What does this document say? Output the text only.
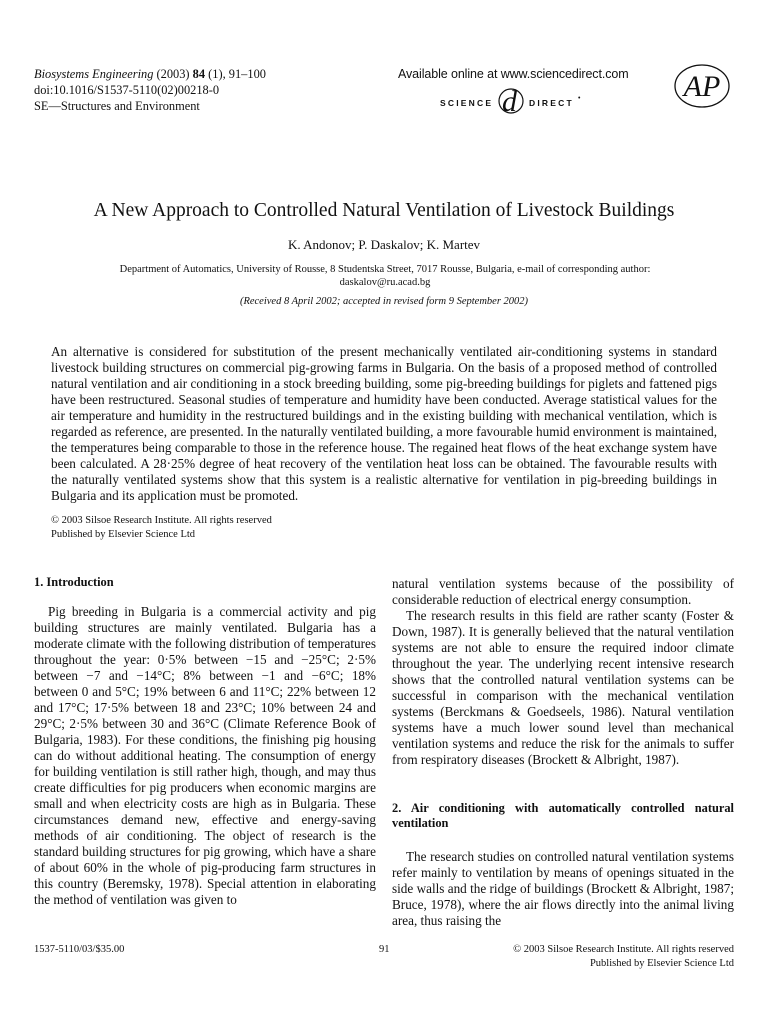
Biosystems Engineering (2003) 84 (1), 91–100
doi:10.1016/S1537-5110(02)00218-0
SE—Structures and Environment
Available online at www.sciencedirect.com
SCIENCE d DIRECT •	AP
A New Approach to Controlled Natural Ventilation of Livestock Buildings
K. Andonov; P. Daskalov; K. Martev
Department of Automatics, University of Rousse, 8 Studentska Street, 7017 Rousse, Bulgaria, e-mail of corresponding author:
daskalov@ru.acad.bg
(Received 8 April 2002; accepted in revised form 9 September 2002)
An alternative is considered for substitution of the present mechanically ventilated air-conditioning systems in standard livestock building structures on commercial pig-growing farms in Bulgaria. On the basis of a proposed method of controlled natural ventilation and air conditioning in a stock breeding building, some pig-breeding buildings for piglets and fattened pigs have been restructured. Seasonal studies of temperature and humidity have been conducted. Average statistical values for the air temperature and humidity in the restructured buildings and in the existing building with mechanical ventilation, which is regarded as reference, are presented. In the naturally ventilated building, a more favourable humid environment is maintained, the temperatures being comparable to those in the reference house. The regained heat flows of the heat exchange system have been calculated. A 28·25% degree of heat recovery of the ventilation heat loss can be obtained. The favourable results with the naturally ventilated systems show that this system is a realistic alternative for ventilation in pig-breeding buildings in Bulgaria and its application must be promoted.
© 2003 Silsoe Research Institute. All rights reserved
Published by Elsevier Science Ltd
1. Introduction

Pig breeding in Bulgaria is a commercial activity and pig building structures are mainly ventilated. Bulgaria has a moderate climate with the following distribution of temperatures throughout the year: 0·5% between −15 and −25°C; 2·5% between −7 and −14°C; 8% between −1 and −6°C; 18% between 0 and 5°C; 19% between 6 and 11°C; 22% between 12 and 17°C; 17·5% between 18 and 23°C; 10% between 24 and 29°C; 2·5% between 30 and 36°C (Climate Reference Book of Bulgaria, 1983). For these conditions, the finishing pig housing can do without additional heating. The consumption of energy for building ventilation is still rather high, though, and may thus create difficulties for pig producers when economic margins are small and when electricity costs are high as in Bulgaria. These circumstances demand new, effective and energy-saving methods of air conditioning. The object of research is the standard building structures for pig growing, which have a share of about 60% in the whole of pig-producing farm structures in this country (Beremsky, 1978). Special attention in elaborating the method of ventilation was given to

natural ventilation systems because of the possibility of considerable reduction of electrical energy consumption.

The research results in this field are rather scanty (Foster & Down, 1987). It is generally believed that the natural ventilation systems are not able to ensure the required indoor climate throughout the year. The underlying recent intensive research shows that the controlled natural ventilation systems can be successful in comparison with the mechanical ventilation systems (Berckmans & Goedseels, 1986). Natural ventilation systems have a much lower sound level than mechanical ventilation systems and reduce the risk for the animals to suffer from respiratory diseases (Brockett & Albright, 1987).

2. Air conditioning with automatically controlled natural ventilation

The research studies on controlled natural ventilation systems refer mainly to ventilation by means of openings situated in the side walls and the ridge of buildings (Brockett & Albright, 1987; Bruce, 1978), where the air flows directly into the animal living area, thus raising the

1537-5110/03/$35.00	91	© 2003 Silsoe Research Institute. All rights reserved
Published by Elsevier Science Ltd
